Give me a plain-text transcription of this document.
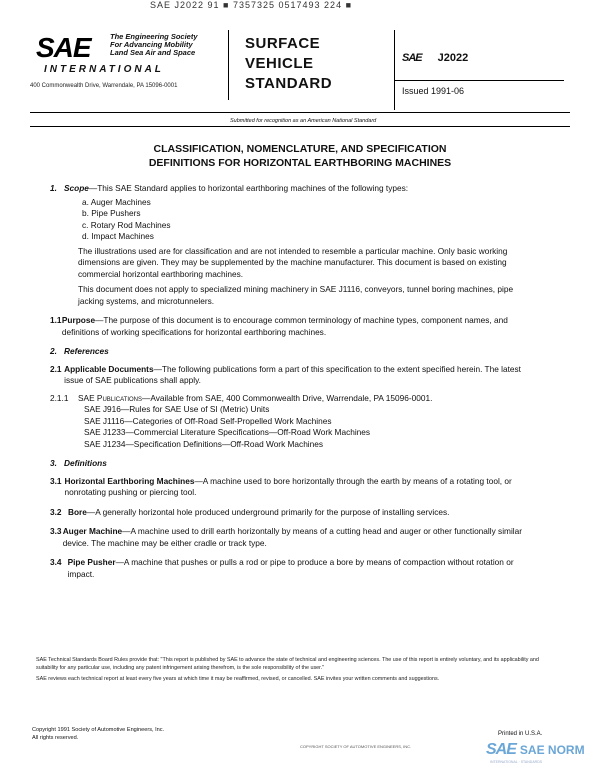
SAE J2022 91 ■ 7357325 0517493 224 ■
SAE	The Engineering Society
For Advancing Mobility
Land Sea Air and Space
INTERNATIONAL
400 Commonwealth Drive, Warrendale, PA 15096-0001
SURFACE
VEHICLE
STANDARD
SAE J2022
Issued 1991-06
Submitted for recognition as an American National Standard
CLASSIFICATION, NOMENCLATURE, AND SPECIFICATION
DEFINITIONS FOR HORIZONTAL EARTHBORING MACHINES
1. Scope—This SAE Standard applies to horizontal earthboring machines of the following types:

a. Auger Machines
b. Pipe Pushers
c. Rotary Rod Machines
d. Impact Machines

The illustrations used are for classification and are not intended to resemble a particular machine. Only basic working dimensions are given. They may be supplemented by the machine manufacturer. This document is based on existing commercial horizontal earthboring machines.

This document does not apply to specialized mining machinery in SAE J1116, conveyors, tunnel boring machines, pipe jacking systems, and microtunnelers.

1.1 Purpose—The purpose of this document is to encourage common terminology of machine types, component names, and definitions of working specifications for horizontal earthboring machines.

2. References
2.1 Applicable Documents—The following publications form a part of this specification to the extent specified herein. The latest issue of SAE publications shall apply.

2.1.1	SAE Publications—Available from SAE, 400 Commonwealth Drive, Warrendale, PA 15096-0001.

SAE J916—Rules for SAE Use of SI (Metric) Units

SAE J1116—Categories of Off-Road Self-Propelled Work Machines

SAE J1233—Commercial Literature Specifications—Off-Road Work Machines

SAE J1234—Specification Definitions—Off-Road Work Machines

3. Definitions
3.1 Horizontal Earthboring Machines—A machine used to bore horizontally through the earth by means of a rotating tool, or nonrotating pushing or piercing tool.

3.2 Bore—A generally horizontal hole produced underground primarily for the purpose of installing services.

3.3 Auger Machine—A machine used to drill earth horizontally by means of a cutting head and auger or other functionally similar device. The machine may be either cradle or track type.

3.4 Pipe Pusher—A machine that pushes or pulls a rod or pipe to produce a bore by means of compaction without rotation or impact.

SAE Technical Standards Board Rules provide that: "This report is published by SAE to advance the state of technical and engineering sciences. The use of this report is entirely voluntary, and its applicability and suitability for any particular use, including any patent infringement arising therefrom, is the sole responsibility of the user."

SAE reviews each technical report at least every five years at which time it may be reaffirmed, revised, or cancelled. SAE invites your written comments and suggestions.

Copyright 1991 Society of Automotive Engineers, Inc.
All rights reserved.
Printed in U.S.A.
COPYRIGHT SOCIETY OF AUTOMOTIVE ENGINEERS, INC.	SAE SAE NORM
INTERNATIONAL · STANDARDS
